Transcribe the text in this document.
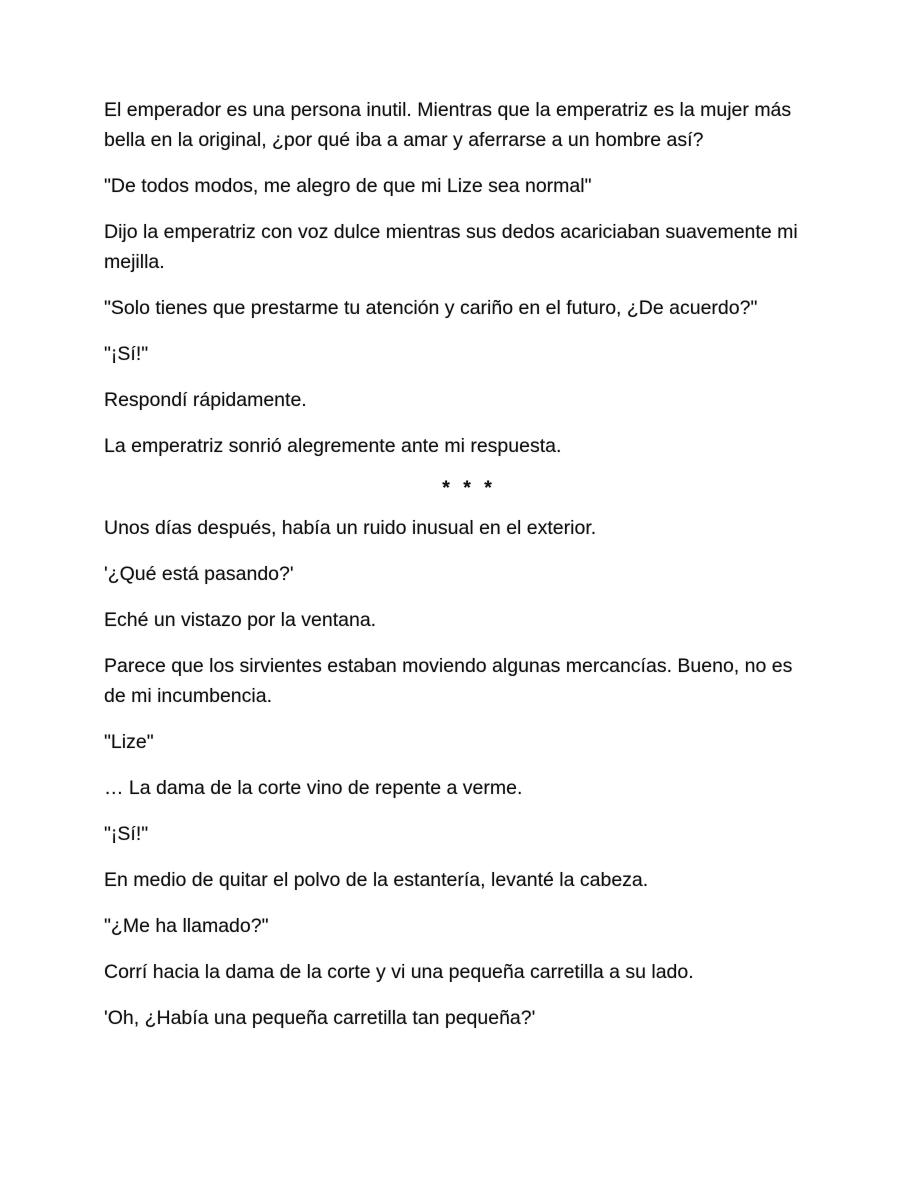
El emperador es una persona inutil. Mientras que la emperatriz es la mujer más bella en la original, ¿por qué iba a amar y aferrarse a un hombre así?

"De todos modos, me alegro de que mi Lize sea normal"

Dijo la emperatriz con voz dulce mientras sus dedos acariciaban suavemente mi mejilla.

"Solo tienes que prestarme tu atención y cariño en el futuro, ¿De acuerdo?"

"¡Sí!"

Respondí rápidamente.

La emperatriz sonrió alegremente ante mi respuesta.

* * *

Unos días después, había un ruido inusual en el exterior.

'¿Qué está pasando?'

Eché un vistazo por la ventana.

Parece que los sirvientes estaban moviendo algunas mercancías. Bueno, no es de mi incumbencia.

"Lize"

… La dama de la corte vino de repente a verme.

"¡Sí!"

En medio de quitar el polvo de la estantería, levanté la cabeza.

"¿Me ha llamado?"

Corrí hacia la dama de la corte y vi una pequeña carretilla a su lado.

'Oh, ¿Había una pequeña carretilla tan pequeña?'
